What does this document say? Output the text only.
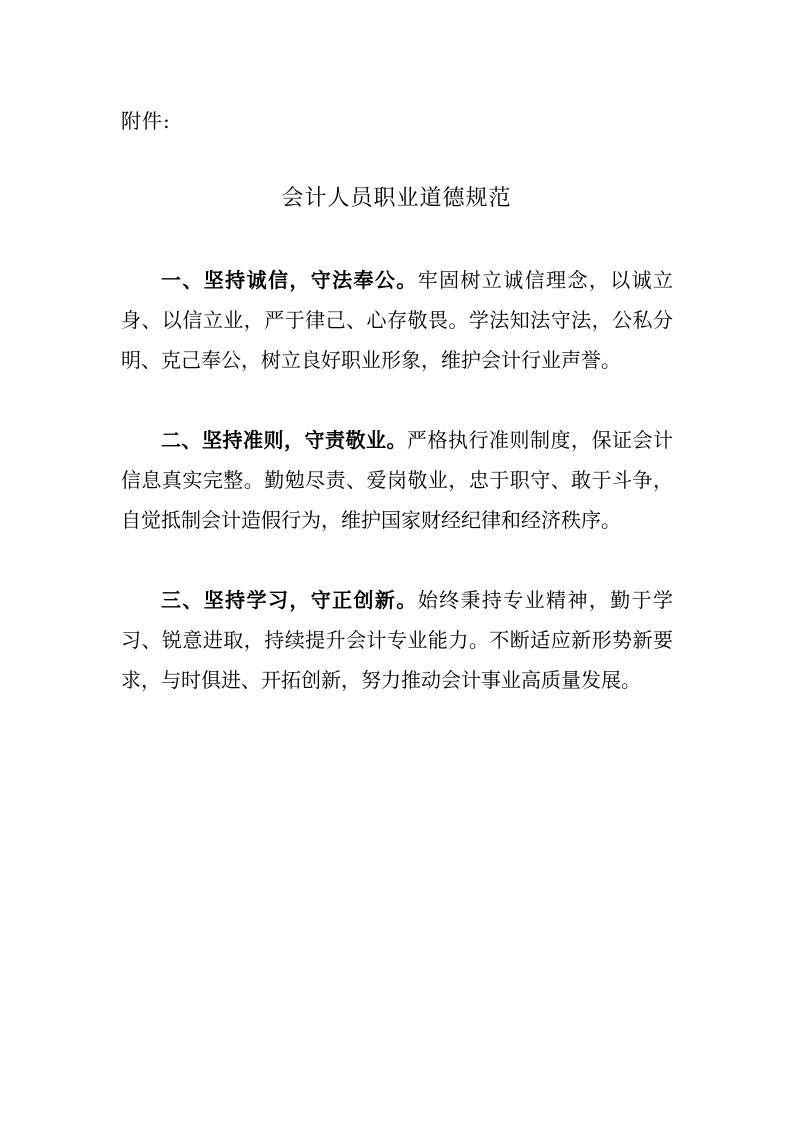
附件:
会计人员职业道德规范

一、坚持诚信，守法奉公。牢固树立诚信理念，以诚立身、以信立业，严于律己、心存敬畏。学法知法守法，公私分明、克己奉公，树立良好职业形象，维护会计行业声誉。

二、坚持准则，守责敬业。严格执行准则制度，保证会计信息真实完整。勤勉尽责、爱岗敬业，忠于职守、敢于斗争，自觉抵制会计造假行为，维护国家财经纪律和经济秩序。

三、坚持学习，守正创新。始终秉持专业精神，勤于学习、锐意进取，持续提升会计专业能力。不断适应新形势新要求，与时俱进、开拓创新，努力推动会计事业高质量发展。
